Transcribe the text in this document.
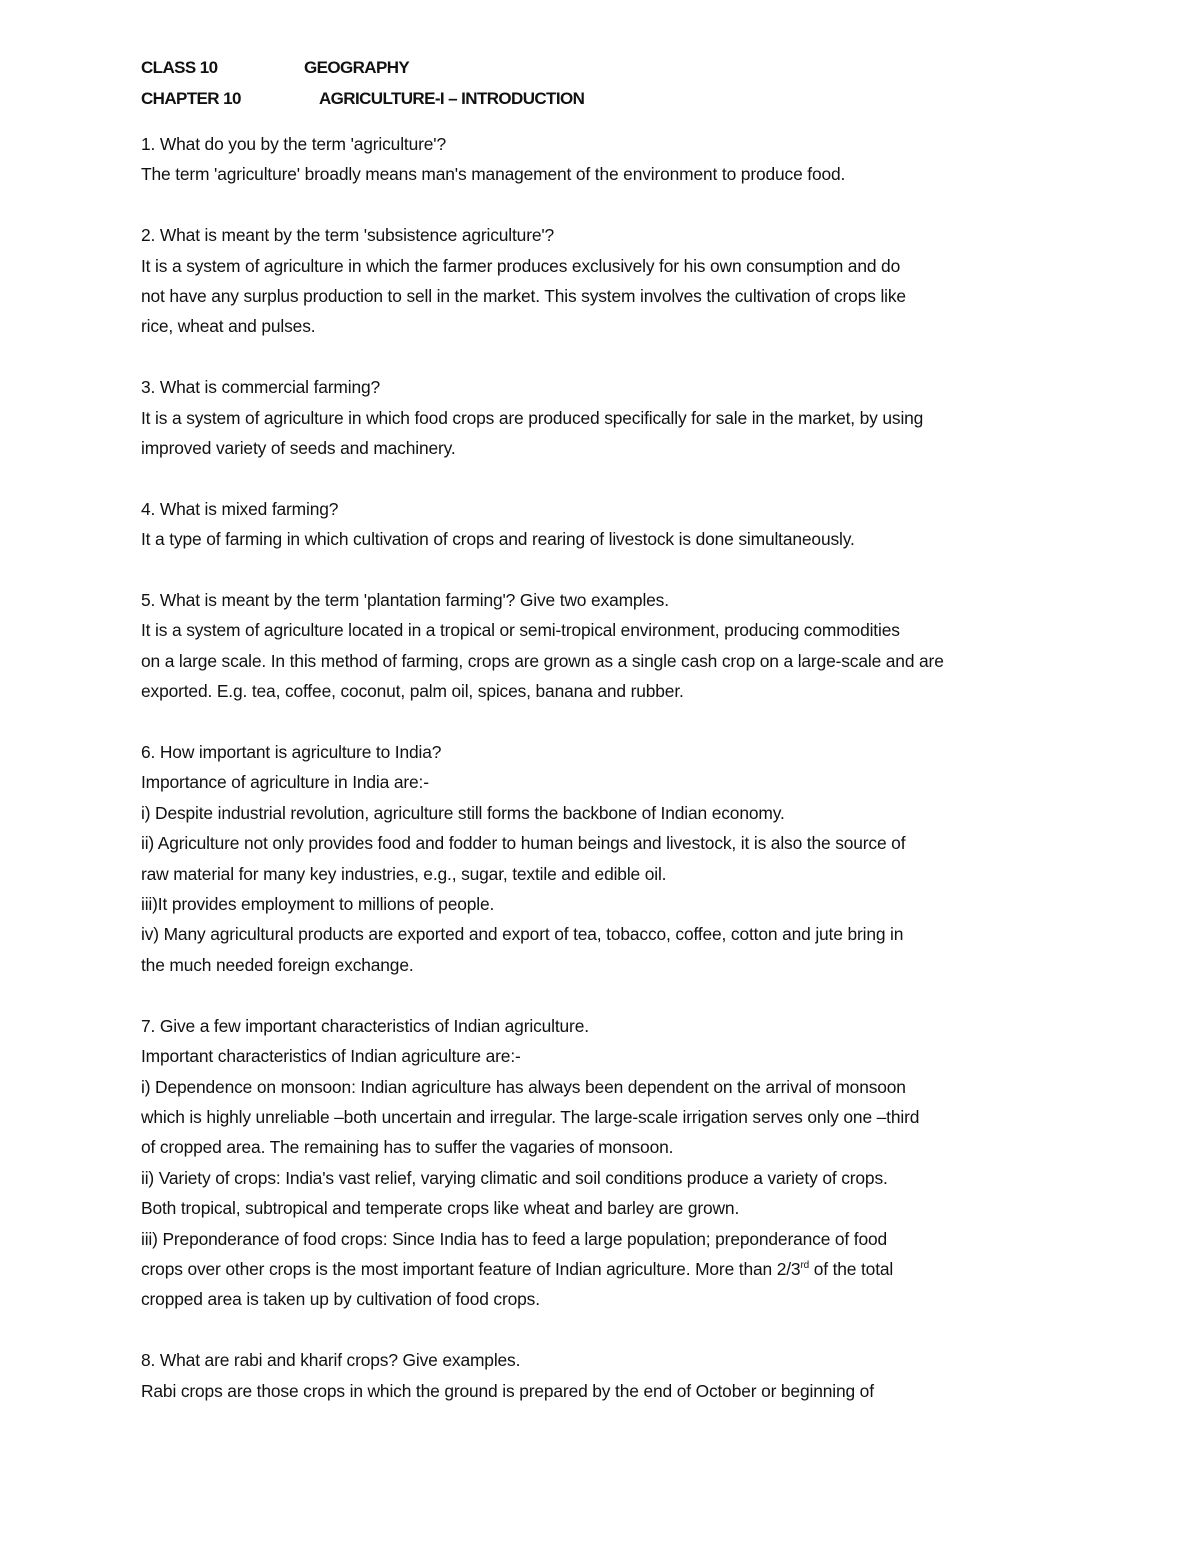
CLASS 10	GEOGRAPHY
CHAPTER 10	AGRICULTURE-I – INTRODUCTION
1. What do you by the term 'agriculture'?
The term 'agriculture' broadly means man's management of the environment to produce food.
2. What is meant by the term 'subsistence agriculture'?
It is a system of agriculture in which the farmer produces exclusively for his own consumption and do
not have any surplus production to sell in the market. This system involves the cultivation of crops like
rice, wheat and pulses.
3. What is commercial farming?
It is a system of agriculture in which food crops are produced specifically for sale in the market, by using
improved variety of seeds and machinery.
4. What is mixed farming?
It a type of farming in which cultivation of crops and rearing of livestock is done simultaneously.
5. What is meant by the term 'plantation farming'? Give two examples.
It is a system of agriculture located in a tropical or semi-tropical environment, producing commodities
on a large scale. In this method of farming, crops are grown as a single cash crop on a large-scale and are
exported. E.g. tea, coffee, coconut, palm oil, spices, banana and rubber.
6. How important is agriculture to India?
Importance of agriculture in India are:-
i) Despite industrial revolution, agriculture still forms the backbone of Indian economy.
ii) Agriculture not only provides food and fodder to human beings and livestock, it is also the source of
raw material for many key industries, e.g., sugar, textile and edible oil.
iii)It provides employment to millions of people.
iv) Many agricultural products are exported and export of tea, tobacco, coffee, cotton and jute bring in
the much needed foreign exchange.
7. Give a few important characteristics of Indian agriculture.
Important characteristics of Indian agriculture are:-
i) Dependence on monsoon: Indian agriculture has always been dependent on the arrival of monsoon
which is highly unreliable –both uncertain and irregular. The large-scale irrigation serves only one –third
of cropped area. The remaining has to suffer the vagaries of monsoon.
ii) Variety of crops: India's vast relief, varying climatic and soil conditions produce a variety of crops.
Both tropical, subtropical and temperate crops like wheat and barley are grown.
iii) Preponderance of food crops: Since India has to feed a large population; preponderance of food
crops over other crops is the most important feature of Indian agriculture. More than 2/3rd of the total
cropped area is taken up by cultivation of food crops.
8. What are rabi and kharif crops? Give examples.
Rabi crops are those crops in which the ground is prepared by the end of October or beginning of
